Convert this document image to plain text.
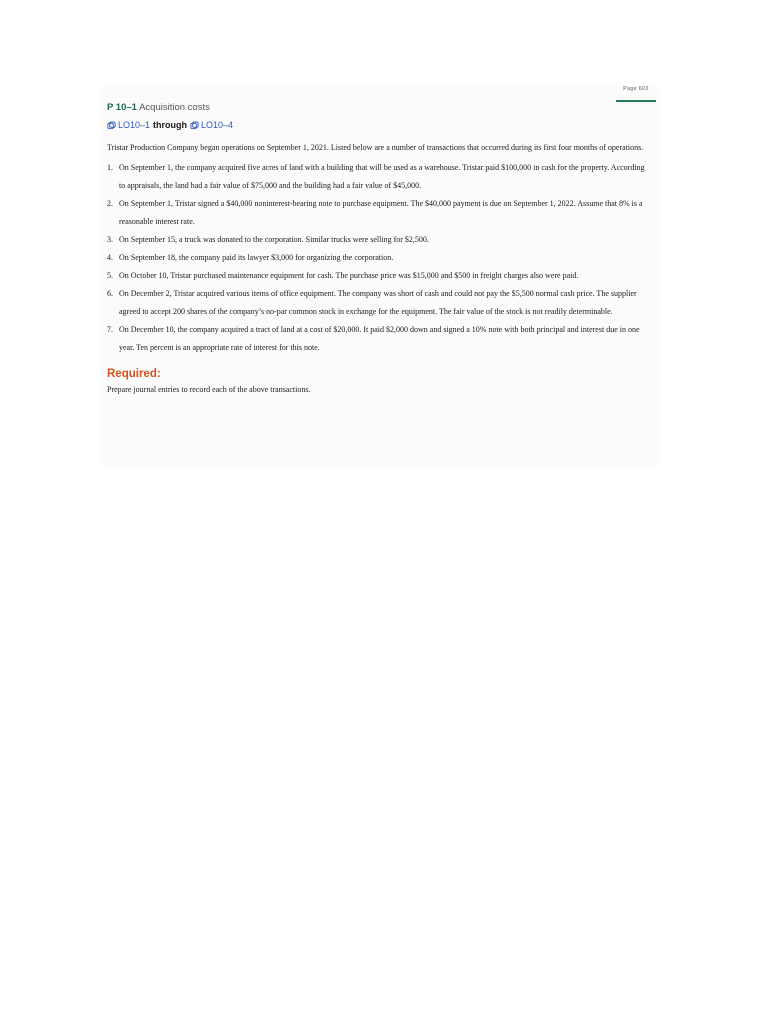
Page 603
P 10–1 Acquisition costs
LO10–1 through LO10–4

Tristar Production Company began operations on September 1, 2021. Listed below are a number of transactions that occurred during its first four months of operations.

1. On September 1, the company acquired five acres of land with a building that will be used as a warehouse. Tristar paid $100,000 in cash for the property. According to appraisals, the land had a fair value of $75,000 and the building had a fair value of $45,000.
2. On September 1, Tristar signed a $40,000 noninterest-bearing note to purchase equipment. The $40,000 payment is due on September 1, 2022. Assume that 8% is a reasonable interest rate.
3. On September 15, a truck was donated to the corporation. Similar trucks were selling for $2,500.
4. On September 18, the company paid its lawyer $3,000 for organizing the corporation.
5. On October 10, Tristar purchased maintenance equipment for cash. The purchase price was $15,000 and $500 in freight charges also were paid.
6. On December 2, Tristar acquired various items of office equipment. The company was short of cash and could not pay the $5,500 normal cash price. The supplier agreed to accept 200 shares of the company’s no-par common stock in exchange for the equipment. The fair value of the stock is not readily determinable.
7. On December 10, the company acquired a tract of land at a cost of $20,000. It paid $2,000 down and signed a 10% note with both principal and interest due in one year. Ten percent is an appropriate rate of interest for this note.
Required:
Prepare journal entries to record each of the above transactions.
